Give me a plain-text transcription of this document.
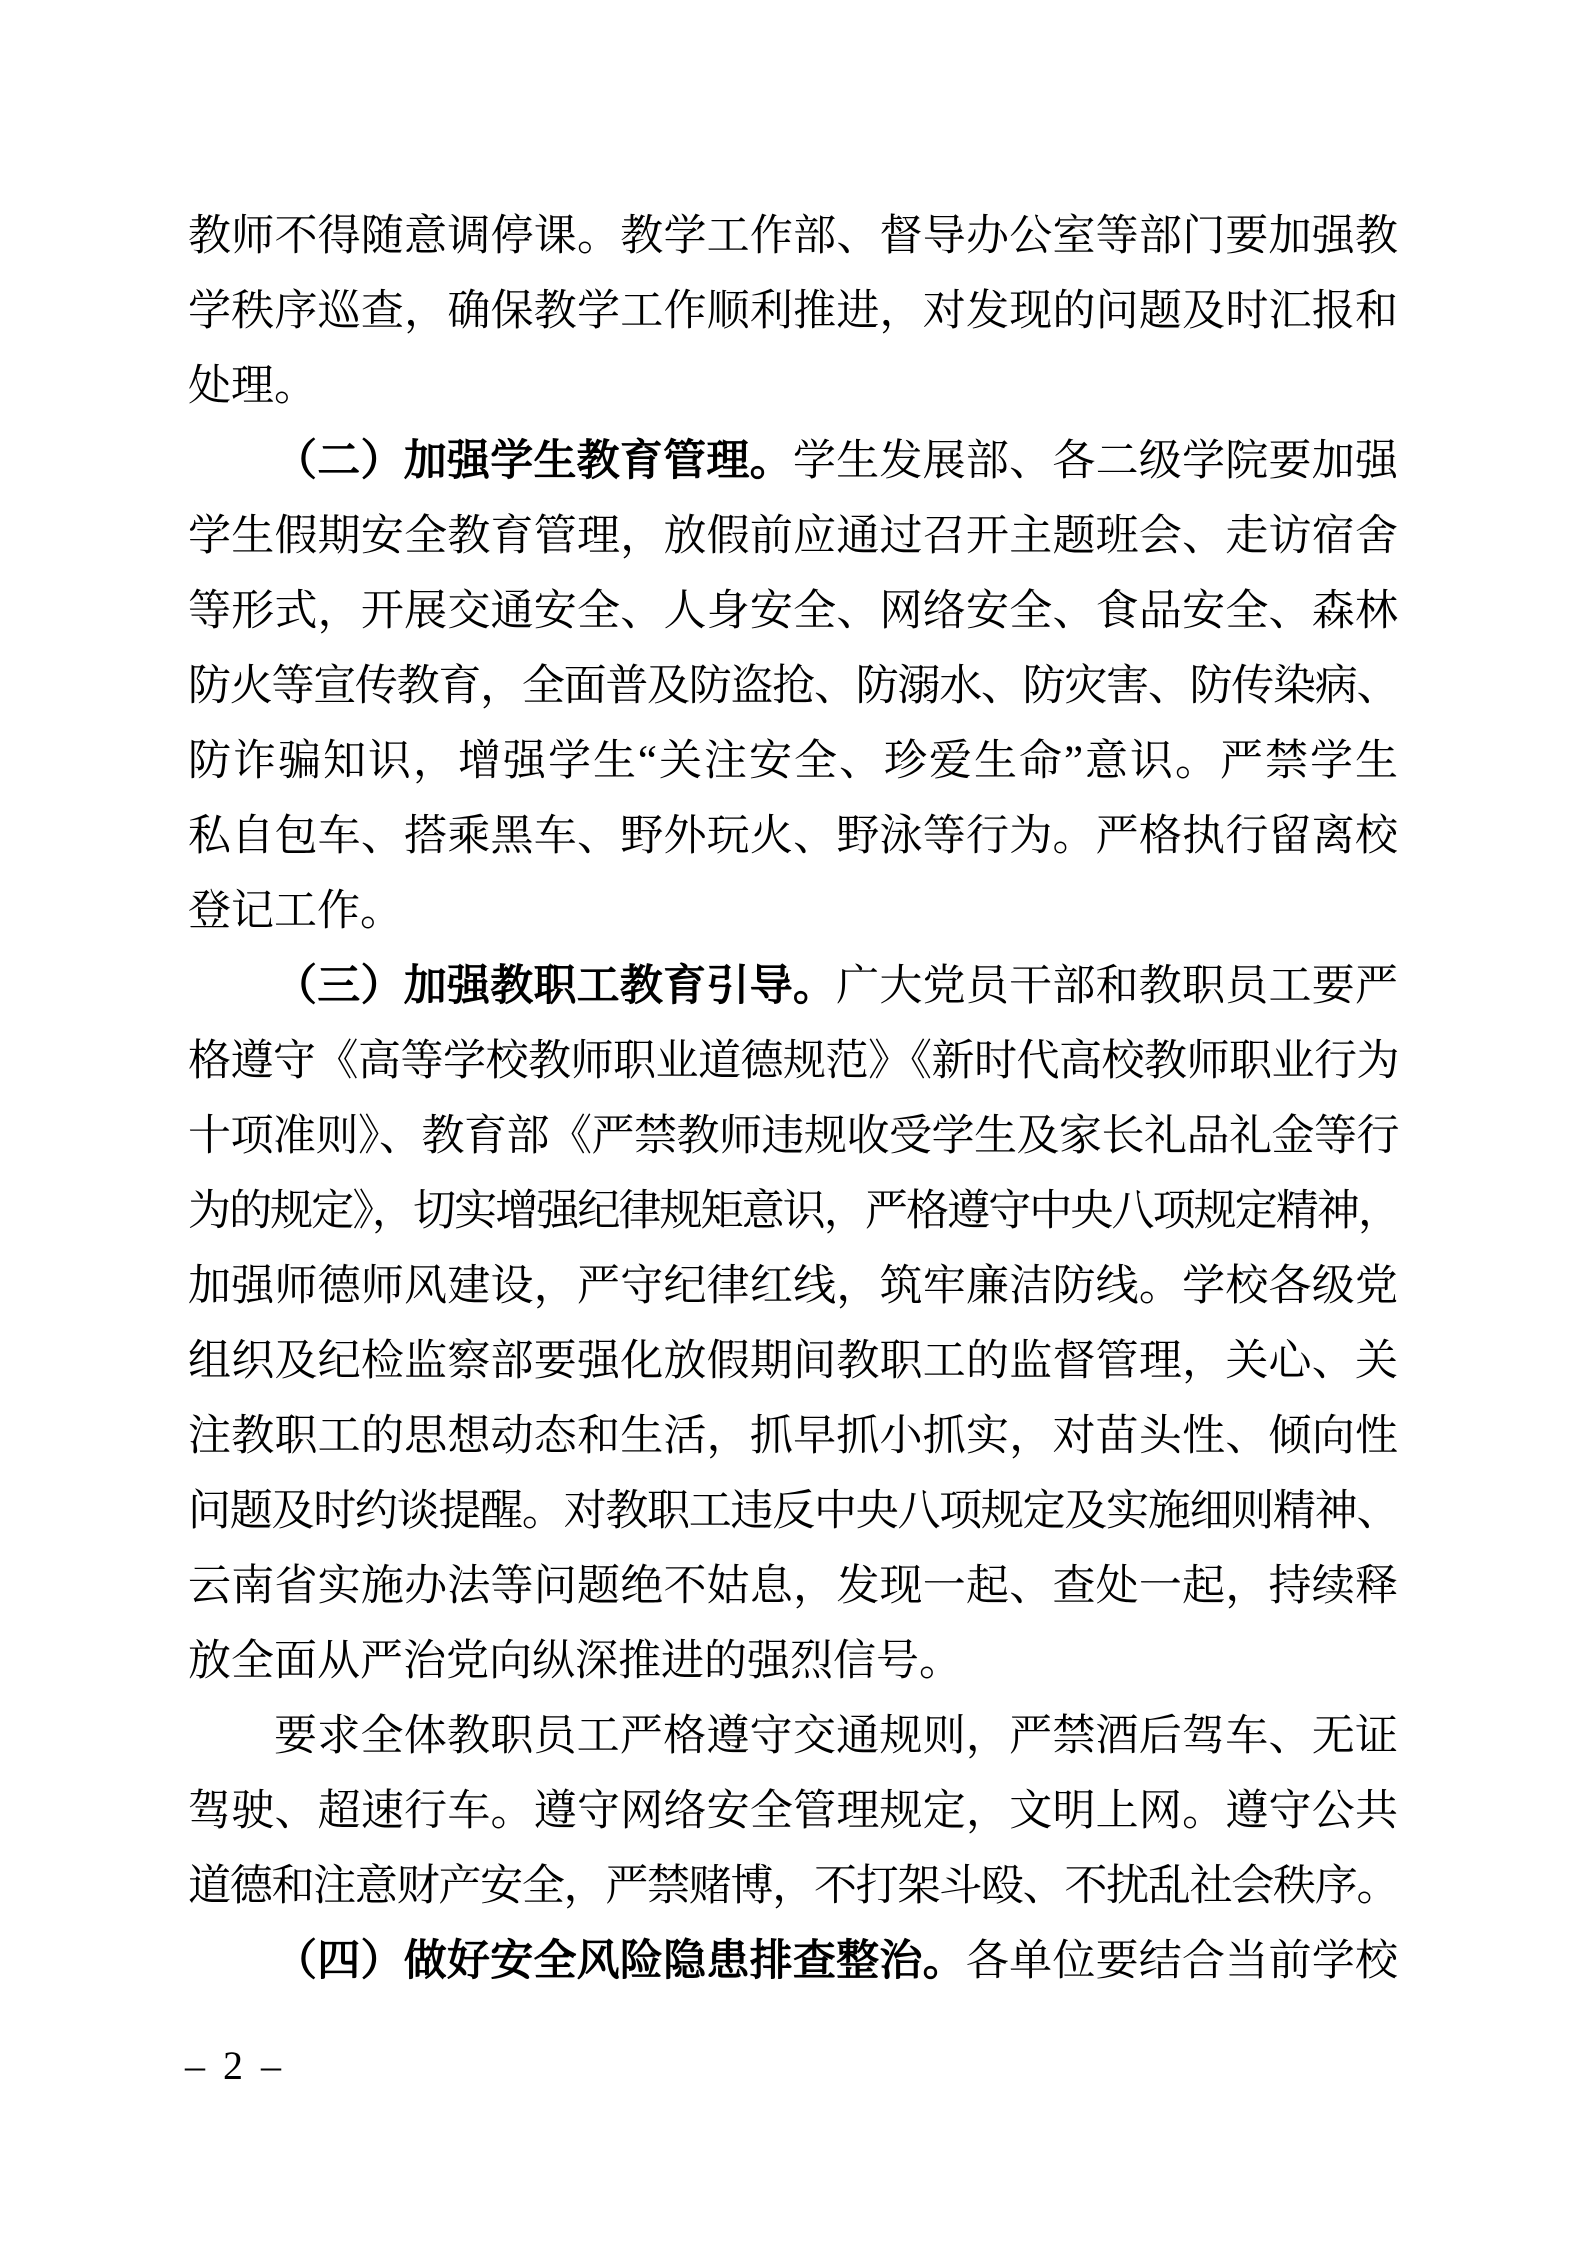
教师不得随意调停课。教学工作部、督导办公室等部门要加强教
学秩序巡查，确保教学工作顺利推进，对发现的问题及时汇报和
处理。
（二）加强学生教育管理。学生发展部、各二级学院要加强
学生假期安全教育管理，放假前应通过召开主题班会、走访宿舍
等形式，开展交通安全、人身安全、网络安全、食品安全、森林
防火等宣传教育，全面普及防盗抢、防溺水、防灾害、防传染病、
防诈骗知识，增强学生“关注安全、珍爱生命”意识。严禁学生
私自包车、搭乘黑车、野外玩火、野泳等行为。严格执行留离校
登记工作。
（三）加强教职工教育引导。广大党员干部和教职员工要严
格遵守《高等学校教师职业道德规范》《新时代高校教师职业行为
十项准则》、教育部《严禁教师违规收受学生及家长礼品礼金等行
为的规定》，切实增强纪律规矩意识，严格遵守中央八项规定精神，
加强师德师风建设，严守纪律红线，筑牢廉洁防线。学校各级党
组织及纪检监察部要强化放假期间教职工的监督管理，关心、关
注教职工的思想动态和生活，抓早抓小抓实，对苗头性、倾向性
问题及时约谈提醒。对教职工违反中央八项规定及实施细则精神、
云南省实施办法等问题绝不姑息，发现一起、查处一起，持续释
放全面从严治党向纵深推进的强烈信号。
要求全体教职员工严格遵守交通规则，严禁酒后驾车、无证
驾驶、超速行车。遵守网络安全管理规定，文明上网。遵守公共
道德和注意财产安全，严禁赌博，不打架斗殴、不扰乱社会秩序。
（四）做好安全风险隐患排查整治。各单位要结合当前学校
– 2 –
